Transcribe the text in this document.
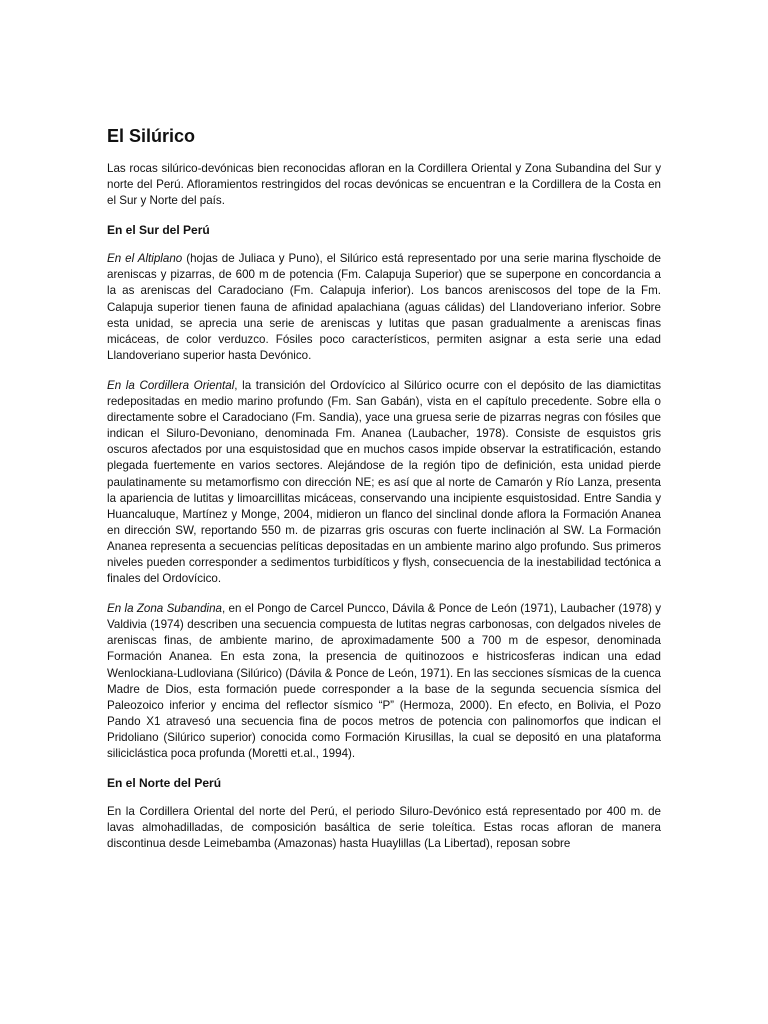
El Silúrico

Las rocas silúrico-devónicas bien reconocidas afloran en la Cordillera Oriental y Zona Subandina del Sur y norte del Perú. Afloramientos restringidos del rocas devónicas se encuentran e la Cordillera de la Costa en el Sur y Norte del país.

En el Sur del Perú

En el Altiplano (hojas de Juliaca y Puno), el Silúrico está representado por una serie marina flyschoide de areniscas y pizarras, de 600 m de potencia (Fm. Calapuja Superior) que se superpone en concordancia a la as areniscas del Caradociano (Fm. Calapuja inferior). Los bancos areniscosos del tope de la Fm. Calapuja superior tienen fauna de afinidad apalachiana (aguas cálidas) del Llandoveriano inferior. Sobre esta unidad, se aprecia una serie de areniscas y lutitas que pasan gradualmente a areniscas finas micáceas, de color verduzco. Fósiles poco característicos, permiten asignar a esta serie una edad Llandoveriano superior hasta Devónico.

En la Cordillera Oriental, la transición del Ordovícico al Silúrico ocurre con el depósito de las diamictitas redepositadas en medio marino profundo (Fm. San Gabán), vista en el capítulo precedente. Sobre ella o directamente sobre el Caradociano (Fm. Sandia), yace una gruesa serie de pizarras negras con fósiles que indican el Siluro-Devoniano, denominada Fm. Ananea (Laubacher, 1978). Consiste de esquistos gris oscuros afectados por una esquistosidad que en muchos casos impide observar la estratificación, estando plegada fuertemente en varios sectores. Alejándose de la región tipo de definición, esta unidad pierde paulatinamente su metamorfismo con dirección NE; es así que al norte de Camarón y Río Lanza, presenta la apariencia de lutitas y limoarcillitas micáceas, conservando una incipiente esquistosidad. Entre Sandia y Huancaluque, Martínez y Monge, 2004, midieron un flanco del sinclinal donde aflora la Formación Ananea en dirección SW, reportando 550 m. de pizarras gris oscuras con fuerte inclinación al SW. La Formación Ananea representa a secuencias pelíticas depositadas en un ambiente marino algo profundo. Sus primeros niveles pueden corresponder a sedimentos turbidíticos y flysh, consecuencia de la inestabilidad tectónica a finales del Ordovícico.

En la Zona Subandina, en el Pongo de Carcel Puncco, Dávila & Ponce de León (1971), Laubacher (1978) y Valdivia (1974) describen una secuencia compuesta de lutitas negras carbonosas, con delgados niveles de areniscas finas, de ambiente marino, de aproximadamente 500 a 700 m de espesor, denominada Formación Ananea. En esta zona, la presencia de quitinozoos e histricosferas indican una edad Wenlockiana-Ludloviana (Silúrico) (Dávila & Ponce de León, 1971). En las secciones sísmicas de la cuenca Madre de Dios, esta formación puede corresponder a la base de la segunda secuencia sísmica del Paleozoico inferior y encima del reflector sísmico “P” (Hermoza, 2000). En efecto, en Bolivia, el Pozo Pando X1 atravesó una secuencia fina de pocos metros de potencia con palinomorfos que indican el Pridoliano (Silúrico superior) conocida como Formación Kirusillas, la cual se depositó en una plataforma siliciclástica poca profunda (Moretti et.al., 1994).

En el Norte del Perú

En la Cordillera Oriental del norte del Perú, el periodo Siluro-Devónico está representado por 400 m. de lavas almohadilladas, de composición basáltica de serie toleítica. Estas rocas afloran de manera discontinua desde Leimebamba (Amazonas) hasta Huaylillas (La Libertad), reposan sobre
